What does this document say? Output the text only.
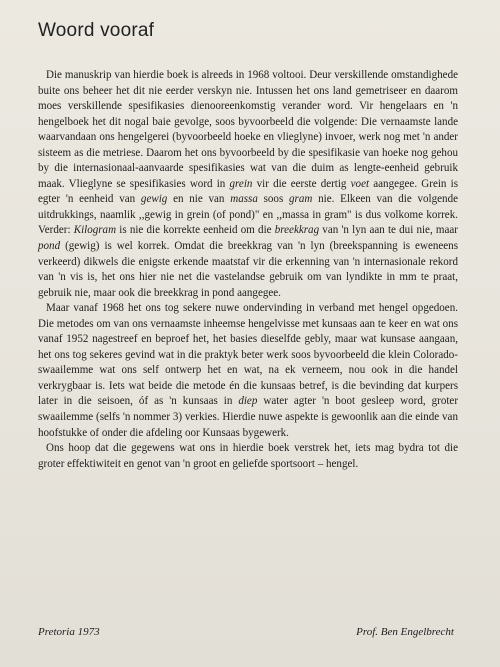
Woord vooraf

Die manuskrip van hierdie boek is alreeds in 1968 voltooi. Deur verskillende omstandighede buite ons beheer het dit nie eerder verskyn nie. Intussen het ons land gemetriseer en daarom moes verskillende spesifikasies dienooreenkomstig verander word. Vir hengelaars en 'n hengelboek het dit nogal baie gevolge, soos byvoorbeeld die volgende: Die vernaamste lande waarvandaan ons hengelgerei (byvoorbeeld hoeke en vlieglyne) invoer, werk nog met 'n ander sisteem as die metriese. Daarom het ons byvoorbeeld by die spesifikasie van hoeke nog gehou by die internasionaal-aanvaarde spesifikasies wat van die duim as lengte-eenheid gebruik maak. Vlieglyne se spesifikasies word in grein vir die eerste dertig voet aangegee. Grein is egter 'n eenheid van gewig en nie van massa soos gram nie. Elkeen van die volgende uitdrukkings, naamlik ,,gewig in grein (of pond)" en ,,massa in gram" is dus volkome korrek. Verder: Kilogram is nie die korrekte eenheid om die breekkrag van 'n lyn aan te dui nie, maar pond (gewig) is wel korrek. Omdat die breekkrag van 'n lyn (breekspanning is eweneens verkeerd) dikwels die enigste erkende maatstaf vir die erkenning van 'n internasionale rekord van 'n vis is, het ons hier nie net die vastelandse gebruik om van lyndikte in mm te praat, gebruik nie, maar ook die breekkrag in pond aangegee.

Maar vanaf 1968 het ons tog sekere nuwe ondervinding in verband met hengel opgedoen. Die metodes om van ons vernaamste inheemse hengelvisse met kunsaas aan te keer en wat ons vanaf 1952 nagestreef en beproef het, het basies dieselfde gebly, maar wat kunsase aangaan, het ons tog sekeres gevind wat in die praktyk beter werk soos byvoorbeeld die klein Colorado-swaailemme wat ons self ontwerp het en wat, na ek verneem, nou ook in die handel verkrygbaar is. Iets wat beide die metode én die kunsaas betref, is die bevinding dat kurpers later in die seisoen, óf as 'n kunsaas in diep water agter 'n boot gesleep word, groter swaailemme (selfs 'n nommer 3) verkies. Hierdie nuwe aspekte is gewoonlik aan die einde van hoofstukke of onder die afdeling oor Kunsaas bygewerk.

Ons hoop dat die gegewens wat ons in hierdie boek verstrek het, iets mag bydra tot die groter effektiwiteit en genot van 'n groot en geliefde sportsoort – hengel.

Pretoria 1973	Prof. Ben Engelbrecht
